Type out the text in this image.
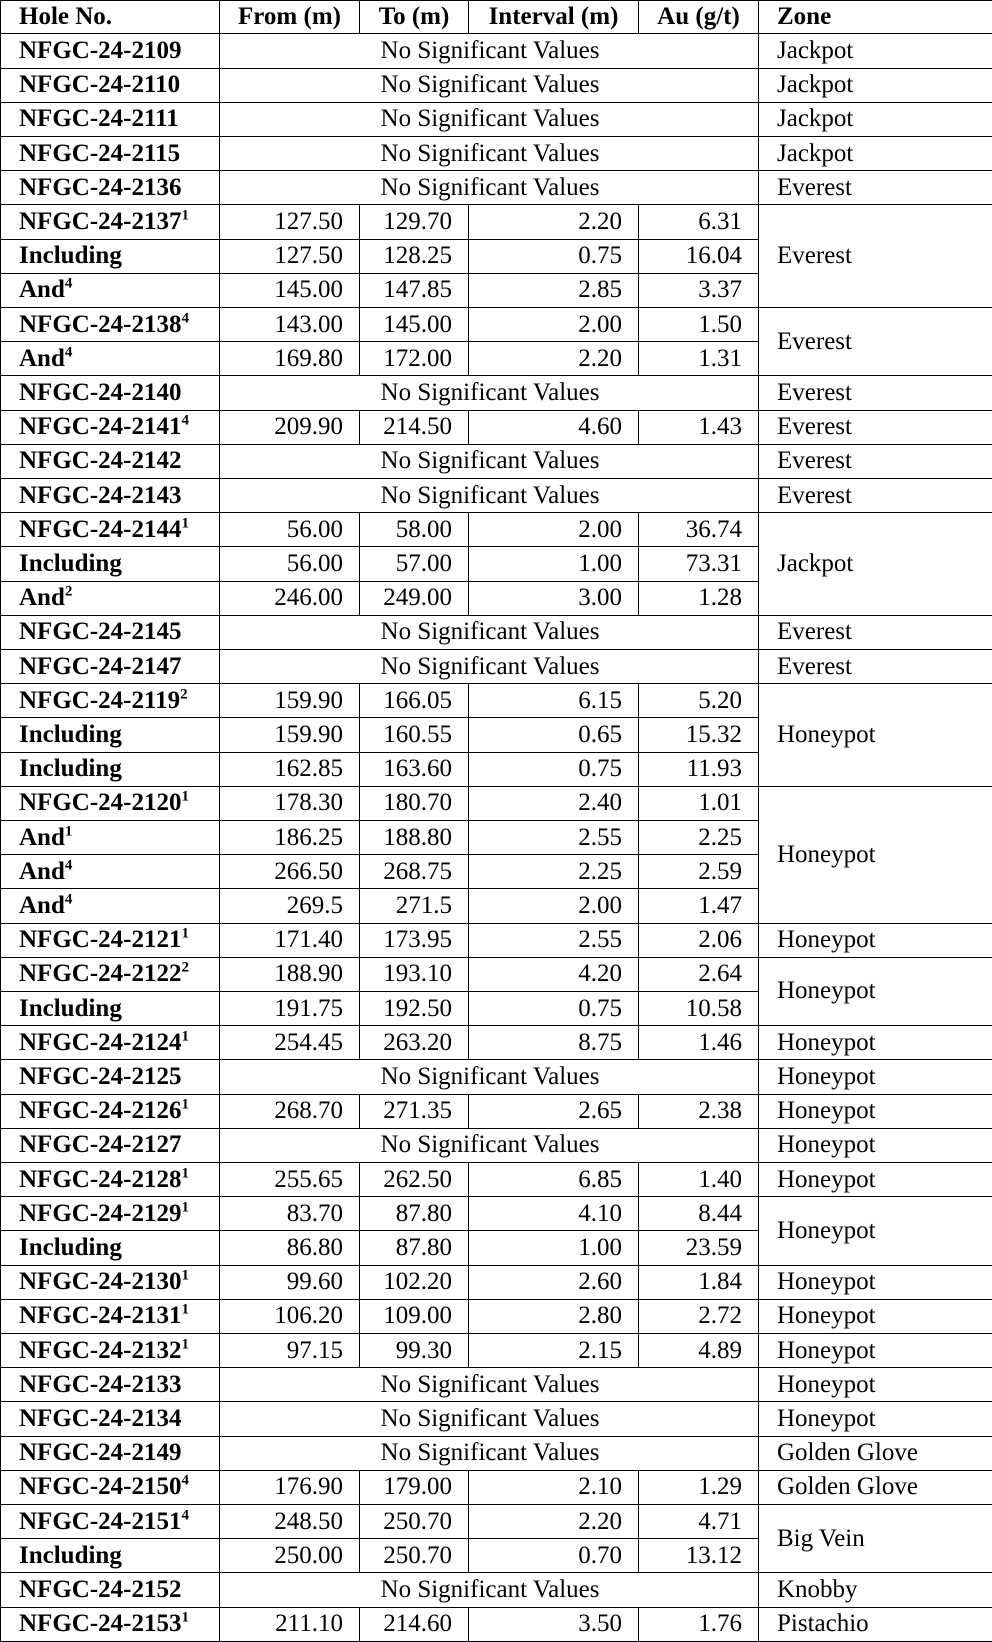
Hole No.	From (m)	To (m)	Interval (m)	Au (g/t)	Zone
NFGC-24-2109	No Significant Values				Jackpot
NFGC-24-2110	No Significant Values				Jackpot
NFGC-24-2111	No Significant Values				Jackpot
NFGC-24-2115	No Significant Values				Jackpot
NFGC-24-2136	No Significant Values				Everest
NFGC-24-2137$^1$	127.50	129.70	2.20	6.31	Everest
Including	127.50	128.25	0.75	16.04	
And$^4$	145.00	147.85	2.85	3.37	
NFGC-24-2138$^4$	143.00	145.00	2.00	1.50	Everest
And$^4$	169.80	172.00	2.20	1.31	
NFGC-24-2140	No Significant Values				Everest
NFGC-24-2141$^4$	209.90	214.50	4.60	1.43	Everest
NFGC-24-2142	No Significant Values				Everest
NFGC-24-2143	No Significant Values				Everest
NFGC-24-2144$^1$	56.00	58.00	2.00	36.74	Jackpot
Including	56.00	57.00	1.00	73.31	
And$^2$	246.00	249.00	3.00	1.28	
NFGC-24-2145	No Significant Values				Everest
NFGC-24-2147	No Significant Values				Everest
NFGC-24-2119$^2$	159.90	166.05	6.15	5.20	Honeypot
Including	159.90	160.55	0.65	15.32	
Including	162.85	163.60	0.75	11.93	
NFGC-24-2120$^1$	178.30	180.70	2.40	1.01	Honeypot
And$^1$	186.25	188.80	2.55	2.25	
And$^4$	266.50	268.75	2.25	2.59	
And$^4$	269.5	271.5	2.00	1.47	
NFGC-24-2121$^1$	171.40	173.95	2.55	2.06	Honeypot
NFGC-24-2122$^2$	188.90	193.10	4.20	2.64	Honeypot
Including	191.75	192.50	0.75	10.58	
NFGC-24-2124$^1$	254.45	263.20	8.75	1.46	Honeypot
NFGC-24-2125	No Significant Values				Honeypot
NFGC-24-2126$^1$	268.70	271.35	2.65	2.38	Honeypot
NFGC-24-2127	No Significant Values				Honeypot
NFGC-24-2128$^1$	255.65	262.50	6.85	1.40	Honeypot
NFGC-24-2129$^1$	83.70	87.80	4.10	8.44	Honeypot
Including	86.80	87.80	1.00	23.59	
NFGC-24-2130$^1$	99.60	102.20	2.60	1.84	Honeypot
NFGC-24-2131$^1$	106.20	109.00	2.80	2.72	Honeypot
NFGC-24-2132$^1$	97.15	99.30	2.15	4.89	Honeypot
NFGC-24-2133	No Significant Values				Honeypot
NFGC-24-2134	No Significant Values				Honeypot
NFGC-24-2149	No Significant Values				Golden Glove
NFGC-24-2150$^4$	176.90	179.00	2.10	1.29	Golden Glove
NFGC-24-2151$^4$	248.50	250.70	2.20	4.71	Big Vein
Including	250.00	250.70	0.70	13.12	
NFGC-24-2152	No Significant Values				Knobby
NFGC-24-2153$^1$	211.10	214.60	3.50	1.76	Pistachio
